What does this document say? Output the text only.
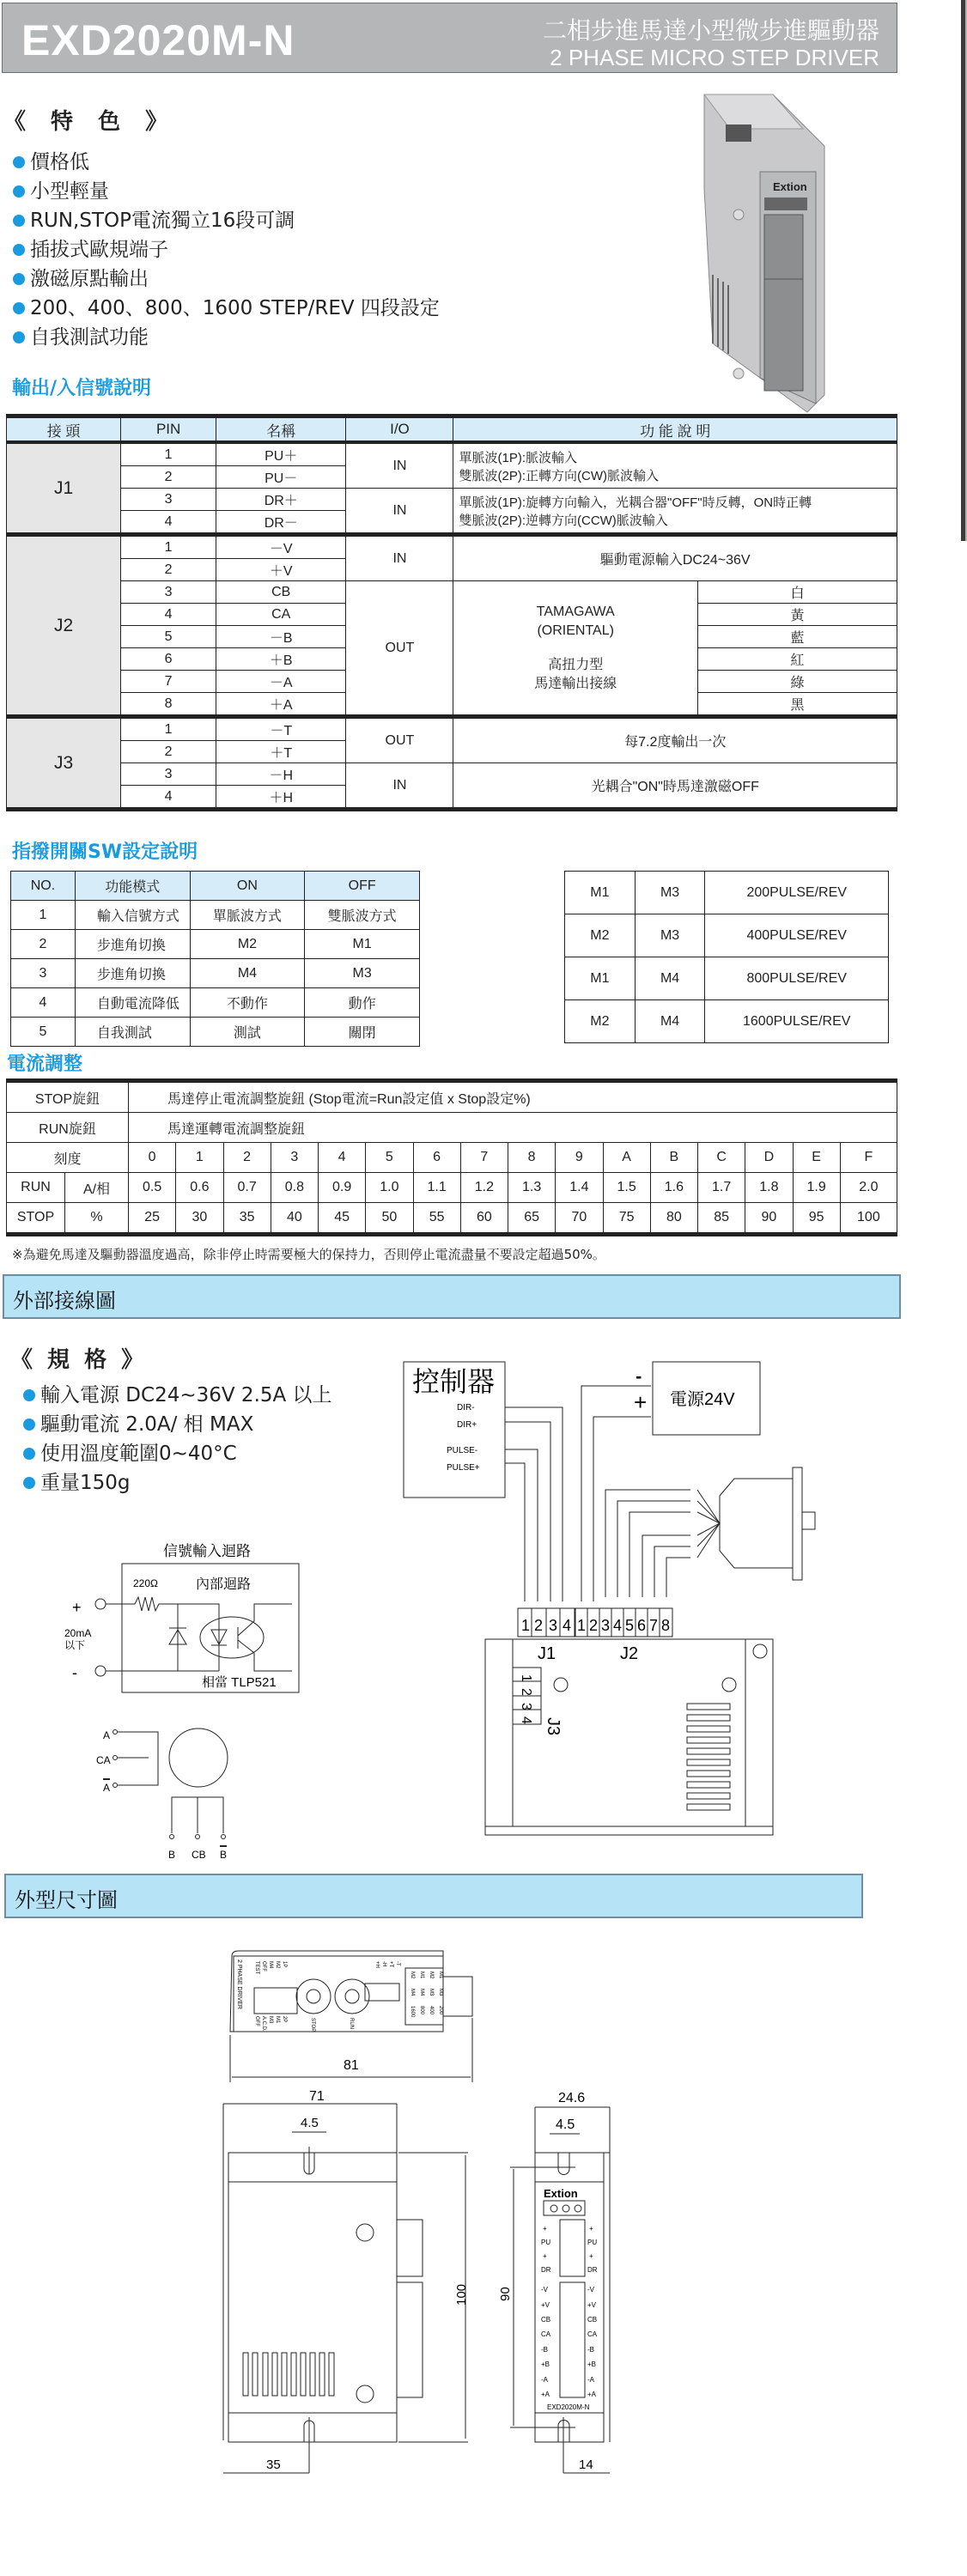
EXD2020M-N	二相步進馬達小型微步進驅動器
2 PHASE MICRO STEP DRIVER
《 特 色 》
價格低
小型輕量
RUN,STOP電流獨立16段可調
插拔式歐規端子
激磁原點輸出
200、400、800、1600 STEP/REV 四段設定
自我測試功能
Extion
輸出/入信號說明
接 頭	PIN	名稱	I/O	功 能 說 明	
J1	1	PU＋	IN	單脈波(1P):脈波輸入
雙脈波(2P):正轉方向(CW)脈波輸入	

	2	PU－			
	3	DR＋	IN	單脈波(1P):旋轉方向輸入，光耦合器"OFF"時反轉，ON時正轉
雙脈波(2P):逆轉方向(CCW)脈波輸入	

	4	DR－			
J2	1	－V	IN	驅動電源輸入DC24~36V	
	2	＋V			
	3	CB	OUT	TAMAGAWA
(ORIENTAL)
高扭力型
馬達輸出接線	白
	4	CA			黃
	5	－B			藍
	6	＋B			紅
	7	－A			綠
	8	＋A			黑
J3	1	－T	OUT	每7.2度輸出一次	
	2	＋T			
	3	－H	IN	光耦合"ON"時馬達激磁OFF	
	4	＋H			
指撥開關SW設定說明
NO.	功能模式	ON	OFF
1	輸入信號方式	單脈波方式	雙脈波方式
2	步進角切換	M2	M1
3	步進角切換	M4	M3
4	自動電流降低	不動作	動作
5	自我測試	測試	關閉
M1	M3	200PULSE/REV
M2	M3	400PULSE/REV
M1	M4	800PULSE/REV
M2	M4	1600PULSE/REV
電流調整
STOP旋鈕		馬達停止電流調整旋鈕 (Stop電流=Run設定值 x Stop設定%)															
RUN旋鈕		馬達運轉電流調整旋鈕															
刻度		0	1	2	3	4	5	6	7	8	9	A	B	C	D	E	F
RUN	A/相	0.5	0.6	0.7	0.8	0.9	1.0	1.1	1.2	1.3	1.4	1.5	1.6	1.7	1.8	1.9	2.0
STOP	%	25	30	35	40	45	50	55	60	65	70	75	80	85	90	95	100
※為避免馬達及驅動器溫度過高，除非停止時需要極大的保持力，否則停止電流盡量不要設定超過50%。
外部接線圖
《 規 格 》
輸入電源 DC24~36V 2.5A 以上
驅動電流 2.0A/ 相 MAX
使用溫度範圍0~40°C
重量150g
信號輸入迴路
220Ω	內部迴路
+
-
20mA
以下
相當 TLP521
A
CA
A
B CB B
控制器
DIR-
DIR+
PULSE-
PULSE+
電源24V
-
+
1 2 3 4 1 2 3 4 5 6 7 8
J1	J2
1
2
3
4 J3
外型尺寸圖
2 PHASE DRIVER	1P
M2
M4
OFF
TEST
2P
M1
M3
A.C.D.
OFF	STOP	RUN
-T
+T
-H
+H
M1
M3
200
M2
M3
400
M1
M4
800
M2
M4
1600
81
71
4.5
100
35
Extion
+
PU
+
DR
-V
+V
CB
CA
-B
+B
-A
+A
+
PU
+
DR
-V
+V
CB
CA
-B
+B
-A
+A
EXD2020M-N
24.6
4.5
90
14
